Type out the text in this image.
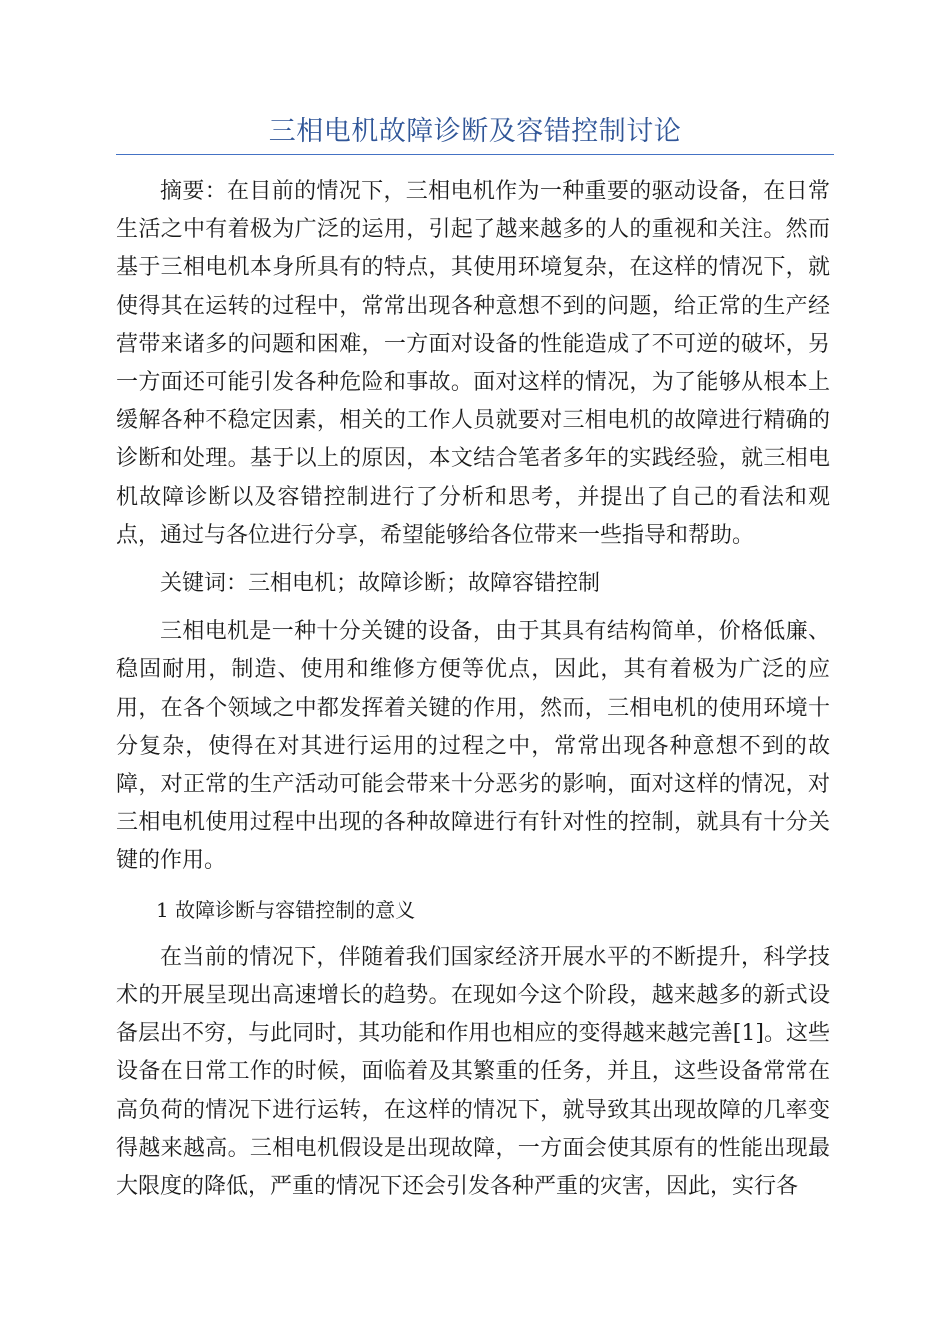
三相电机故障诊断及容错控制讨论

摘要：在目前的情况下，三相电机作为一种重要的驱动设备，在日常生活之中有着极为广泛的运用，引起了越来越多的人的重视和关注。然而基于三相电机本身所具有的特点，其使用环境复杂，在这样的情况下，就使得其在运转的过程中，常常出现各种意想不到的问题，给正常的生产经营带来诸多的问题和困难，一方面对设备的性能造成了不可逆的破坏，另一方面还可能引发各种危险和事故。面对这样的情况，为了能够从根本上缓解各种不稳定因素，相关的工作人员就要对三相电机的故障进行精确的诊断和处理。基于以上的原因，本文结合笔者多年的实践经验，就三相电机故障诊断以及容错控制进行了分析和思考，并提出了自己的看法和观点，通过与各位进行分享，希望能够给各位带来一些指导和帮助。

关键词：三相电机；故障诊断；故障容错控制

三相电机是一种十分关键的设备，由于其具有结构简单，价格低廉、稳固耐用，制造、使用和维修方便等优点，因此，其有着极为广泛的应用，在各个领域之中都发挥着关键的作用，然而，三相电机的使用环境十分复杂，使得在对其进行运用的过程之中，常常出现各种意想不到的故障，对正常的生产活动可能会带来十分恶劣的影响，面对这样的情况，对三相电机使用过程中出现的各种故障进行有针对性的控制，就具有十分关键的作用。

1 故障诊断与容错控制的意义

在当前的情况下，伴随着我们国家经济开展水平的不断提升，科学技术的开展呈现出高速增长的趋势。在现如今这个阶段，越来越多的新式设备层出不穷，与此同时，其功能和作用也相应的变得越来越完善[1]。这些设备在日常工作的时候，面临着及其繁重的任务，并且，这些设备常常在高负荷的情况下进行运转，在这样的情况下，就导致其出现故障的几率变得越来越高。三相电机假设是出现故障，一方面会使其原有的性能出现最大限度的降低，严重的情况下还会引发各种严重的灾害，因此，实行各
